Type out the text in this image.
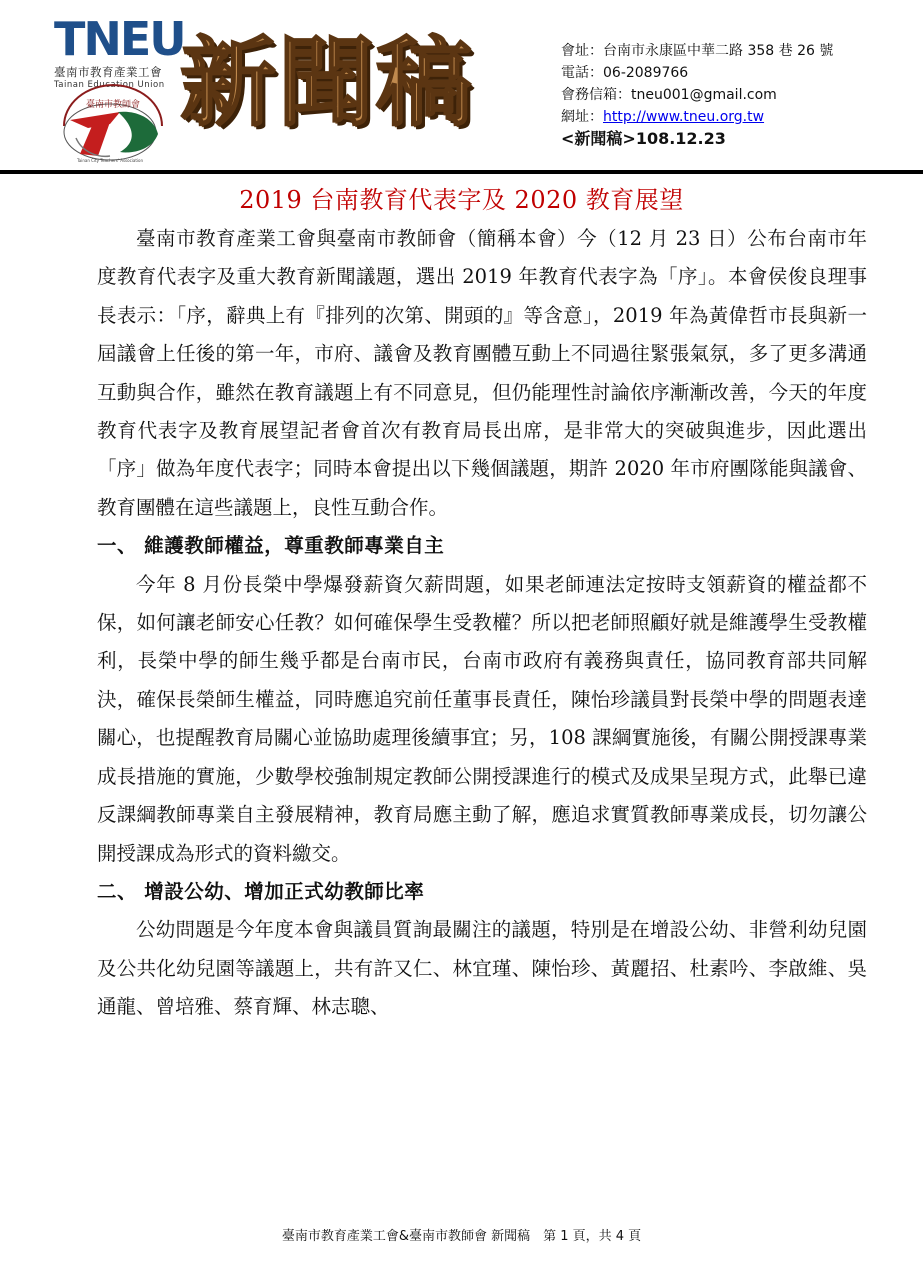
TNEU
臺南市教育產業工會
Tainan Education Union
臺南市教師會
Tainan City Teachers' Association
新聞稿	會址：台南市永康區中華二路 358 巷 26 號
電話：06-2089766
會務信箱：tneu001@gmail.com
網址：http://www.tneu.org.tw
<新聞稿>108.12.23
2019 台南教育代表字及 2020 教育展望

臺南市教育產業工會與臺南市教師會（簡稱本會）今（12 月 23 日）公布台南市年度教育代表字及重大教育新聞議題，選出 2019 年教育代表字為「序」。本會侯俊良理事長表示：「序，辭典上有『排列的次第、開頭的』等含意」，2019 年為黃偉哲市長與新一屆議會上任後的第一年，市府、議會及教育團體互動上不同過往緊張氣氛，多了更多溝通互動與合作，雖然在教育議題上有不同意見，但仍能理性討論依序漸漸改善，今天的年度教育代表字及教育展望記者會首次有教育局長出席，是非常大的突破與進步，因此選出「序」做為年度代表字；同時本會提出以下幾個議題，期許 2020 年市府團隊能與議會、教育團體在這些議題上，良性互動合作。

一、 維護教師權益，尊重教師專業自主

今年 8 月份長榮中學爆發薪資欠薪問題，如果老師連法定按時支領薪資的權益都不保，如何讓老師安心任教？如何確保學生受教權？所以把老師照顧好就是維護學生受教權利，長榮中學的師生幾乎都是台南市民，台南市政府有義務與責任，協同教育部共同解決，確保長榮師生權益，同時應追究前任董事長責任，陳怡珍議員對長榮中學的問題表達關心，也提醒教育局關心並協助處理後續事宜；另，108 課綱實施後，有關公開授課專業成長措施的實施，少數學校強制規定教師公開授課進行的模式及成果呈現方式，此舉已違反課綱教師專業自主發展精神，教育局應主動了解，應追求實質教師專業成長，切勿讓公開授課成為形式的資料繳交。

二、 增設公幼、增加正式幼教師比率

公幼問題是今年度本會與議員質詢最關注的議題，特別是在增設公幼、非營利幼兒園及公共化幼兒園等議題上，共有許又仁、林宜瑾、陳怡珍、黃麗招、杜素吟、李啟維、吳通龍、曾培雅、蔡育輝、林志聰、

臺南市教育產業工會&臺南市教師會 新聞稿　第 1 頁，共 4 頁
